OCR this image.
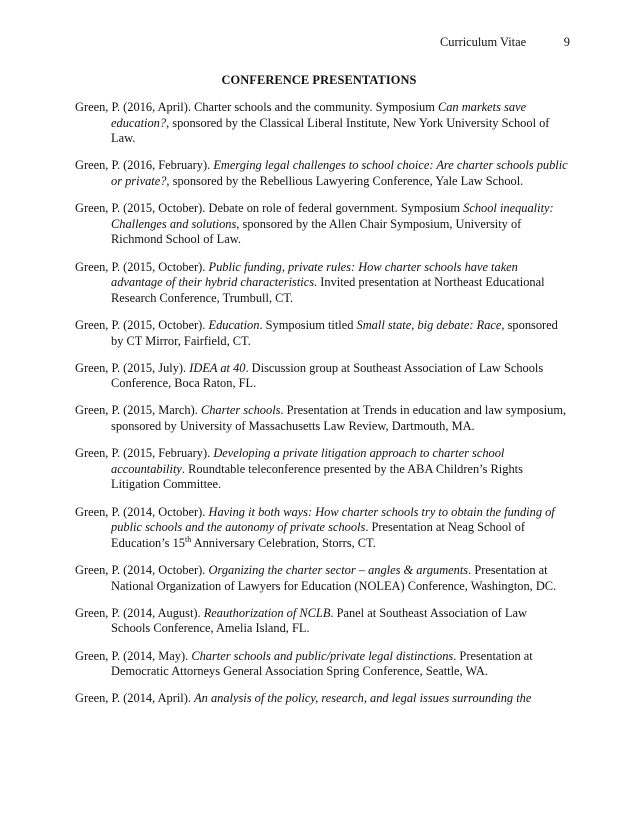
Curriculum Vitae	9
CONFERENCE PRESENTATIONS

Green, P. (2016, April). Charter schools and the community. Symposium Can markets save education?, sponsored by the Classical Liberal Institute, New York University School of Law.

Green, P. (2016, February). Emerging legal challenges to school choice: Are charter schools public or private?, sponsored by the Rebellious Lawyering Conference, Yale Law School.

Green, P. (2015, October). Debate on role of federal government. Symposium School inequality: Challenges and solutions, sponsored by the Allen Chair Symposium, University of Richmond School of Law.

Green, P. (2015, October). Public funding, private rules: How charter schools have taken advantage of their hybrid characteristics. Invited presentation at Northeast Educational Research Conference, Trumbull, CT.

Green, P. (2015, October). Education. Symposium titled Small state, big debate: Race, sponsored by CT Mirror, Fairfield, CT.

Green, P. (2015, July). IDEA at 40. Discussion group at Southeast Association of Law Schools Conference, Boca Raton, FL.

Green, P. (2015, March). Charter schools. Presentation at Trends in education and law symposium, sponsored by University of Massachusetts Law Review, Dartmouth, MA.

Green, P. (2015, February). Developing a private litigation approach to charter school accountability. Roundtable teleconference presented by the ABA Children’s Rights Litigation Committee.

Green, P. (2014, October). Having it both ways: How charter schools try to obtain the funding of public schools and the autonomy of private schools. Presentation at Neag School of Education’s 15th Anniversary Celebration, Storrs, CT.

Green, P. (2014, October). Organizing the charter sector – angles & arguments. Presentation at National Organization of Lawyers for Education (NOLEA) Conference, Washington, DC.

Green, P. (2014, August). Reauthorization of NCLB. Panel at Southeast Association of Law Schools Conference, Amelia Island, FL.

Green, P. (2014, May). Charter schools and public/private legal distinctions. Presentation at Democratic Attorneys General Association Spring Conference, Seattle, WA.

Green, P. (2014, April). An analysis of the policy, research, and legal issues surrounding the
